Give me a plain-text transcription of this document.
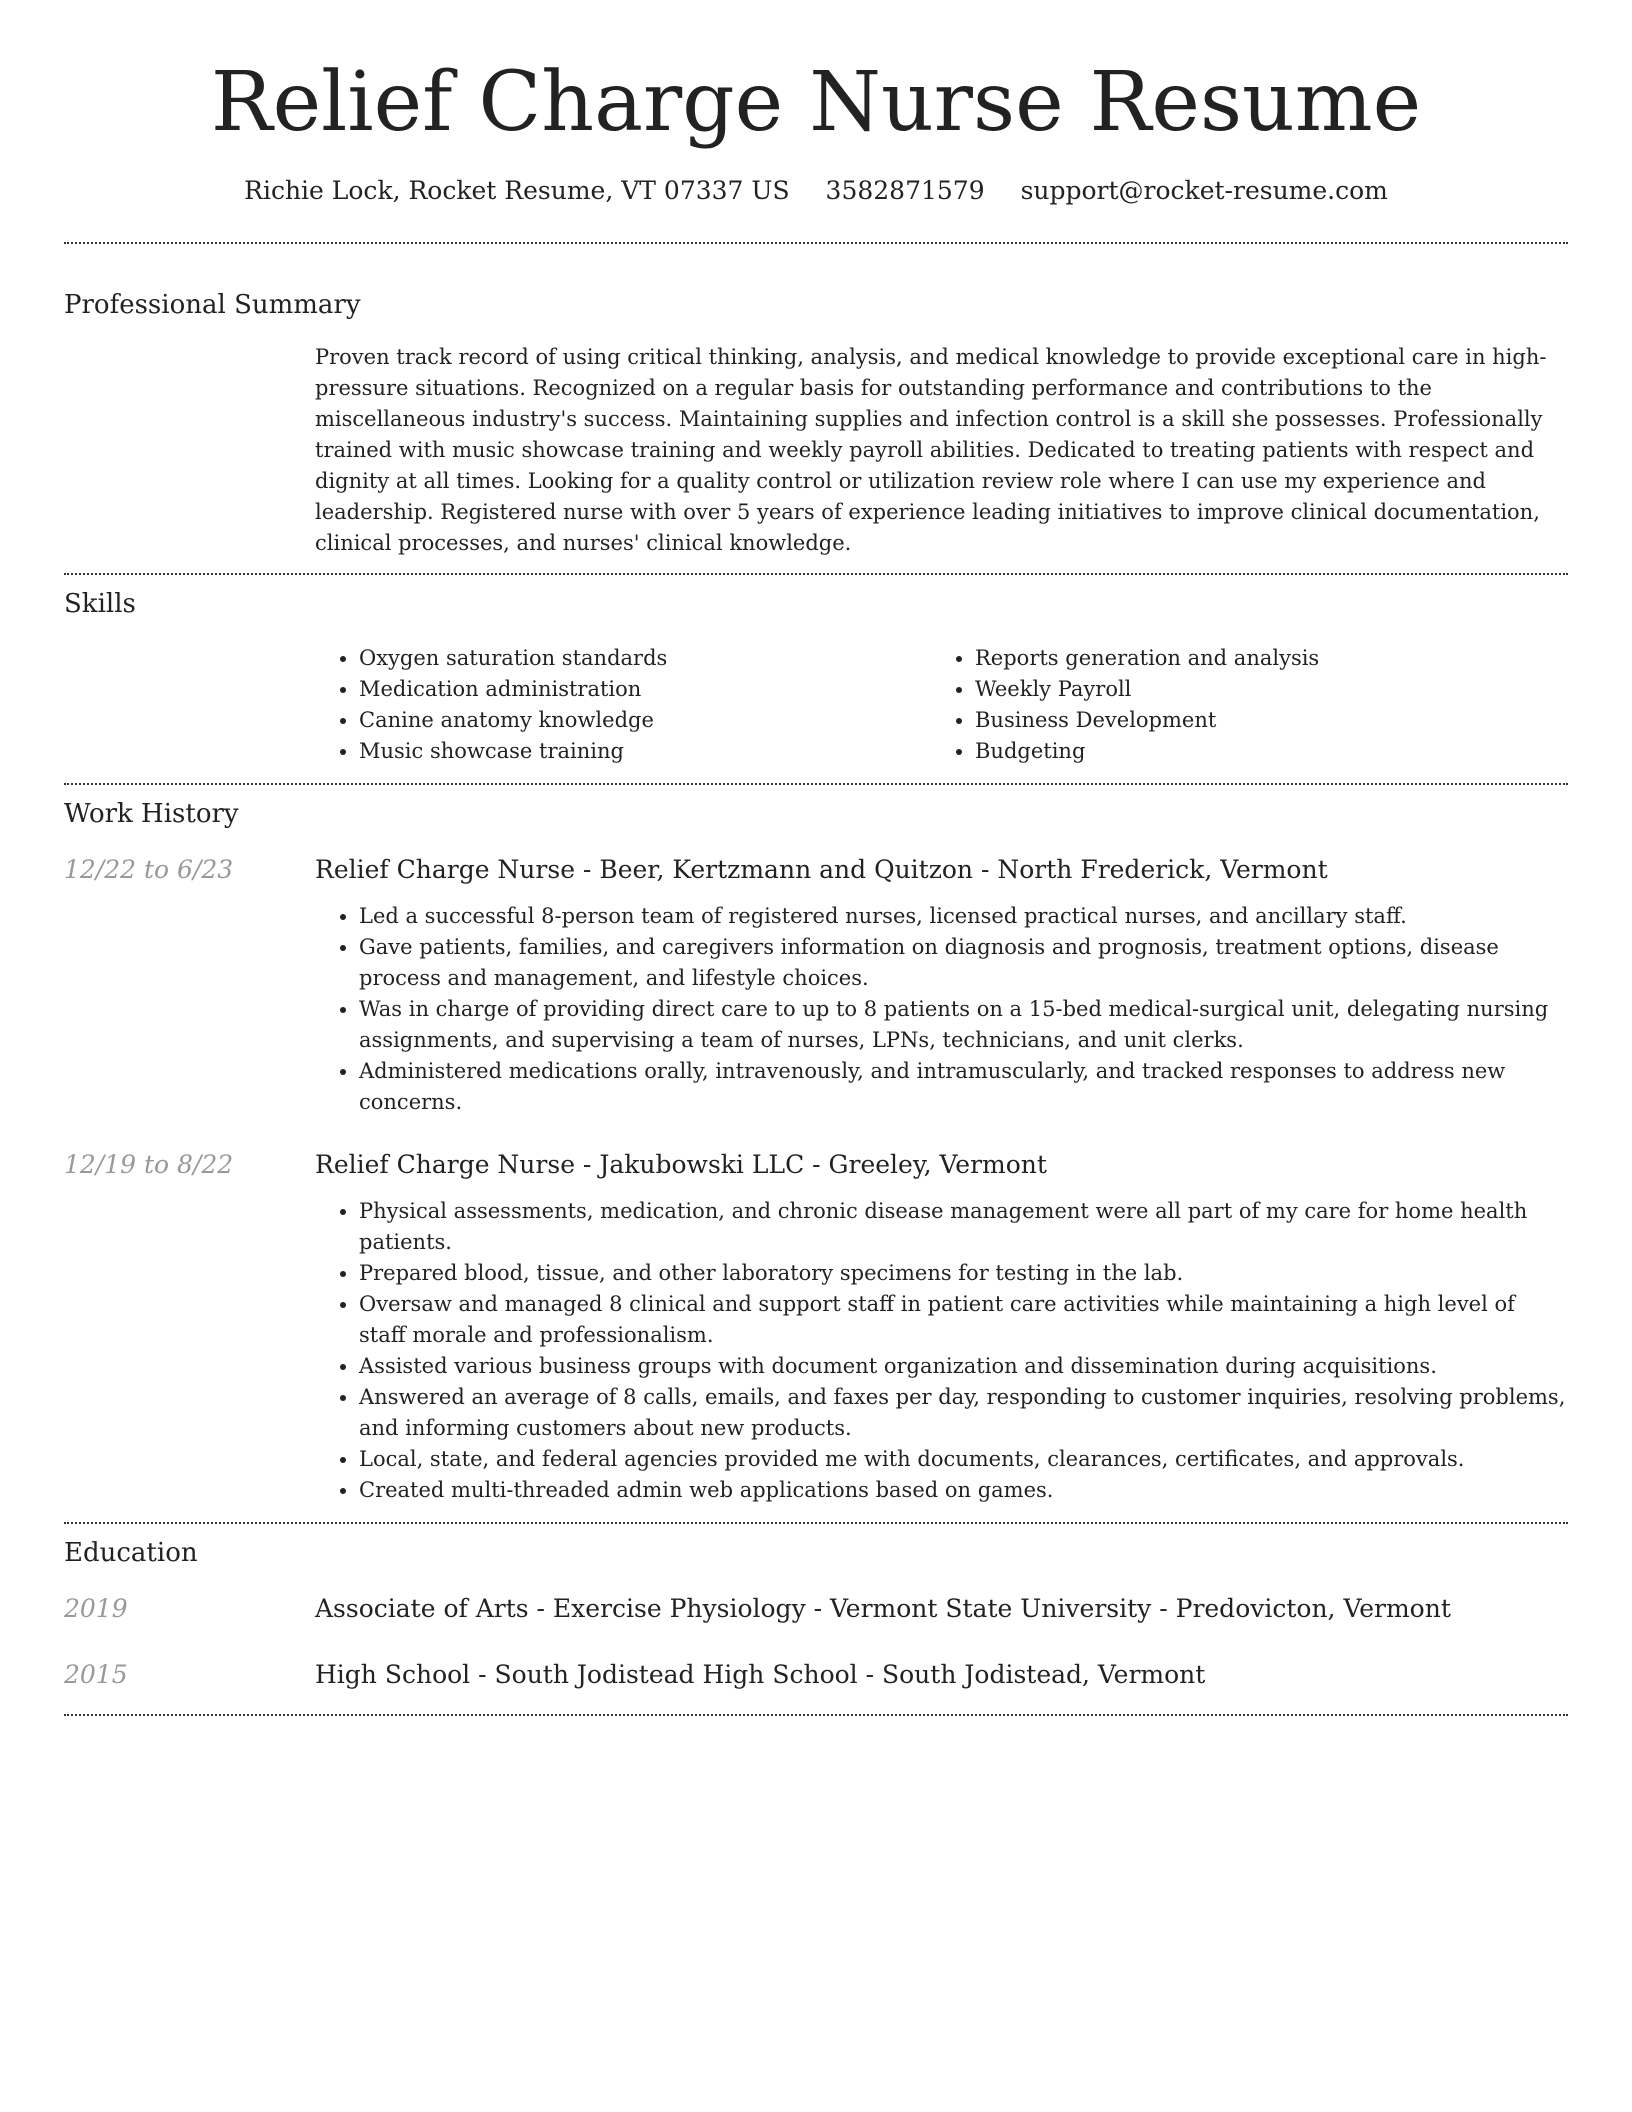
Relief Charge Nurse Resume
Richie Lock, Rocket Resume, VT 07337 US 3582871579 support@rocket-resume.com
Professional Summary
Proven track record of using critical thinking, analysis, and medical knowledge to provide exceptional care in high-pressure situations. Recognized on a regular basis for outstanding performance and contributions to the miscellaneous industry's success. Maintaining supplies and infection control is a skill she possesses. Professionally trained with music showcase training and weekly payroll abilities. Dedicated to treating patients with respect and dignity at all times. Looking for a quality control or utilization review role where I can use my experience and leadership. Registered nurse with over 5 years of experience leading initiatives to improve clinical documentation, clinical processes, and nurses' clinical knowledge.
Skills
• Oxygen saturation standards
• Medication administration
• Canine anatomy knowledge
• Music showcase training
• Reports generation and analysis
• Weekly Payroll
• Business Development
• Budgeting
Work History
12/22 to 6/23	Relief Charge Nurse - Beer, Kertzmann and Quitzon - North Frederick, Vermont
• Led a successful 8-person team of registered nurses, licensed practical nurses, and ancillary staff.
• Gave patients, families, and caregivers information on diagnosis and prognosis, treatment options, disease process and management, and lifestyle choices.
• Was in charge of providing direct care to up to 8 patients on a 15-bed medical-surgical unit, delegating nursing assignments, and supervising a team of nurses, LPNs, technicians, and unit clerks.
• Administered medications orally, intravenously, and intramuscularly, and tracked responses to address new concerns.
12/19 to 8/22	Relief Charge Nurse - Jakubowski LLC - Greeley, Vermont
• Physical assessments, medication, and chronic disease management were all part of my care for home health patients.
• Prepared blood, tissue, and other laboratory specimens for testing in the lab.
• Oversaw and managed 8 clinical and support staff in patient care activities while maintaining a high level of staff morale and professionalism.
• Assisted various business groups with document organization and dissemination during acquisitions.
• Answered an average of 8 calls, emails, and faxes per day, responding to customer inquiries, resolving problems, and informing customers about new products.
• Local, state, and federal agencies provided me with documents, clearances, certificates, and approvals.
• Created multi-threaded admin web applications based on games.
Education
2019	Associate of Arts - Exercise Physiology - Vermont State University - Predovicton, Vermont
2015	High School - South Jodistead High School - South Jodistead, Vermont
